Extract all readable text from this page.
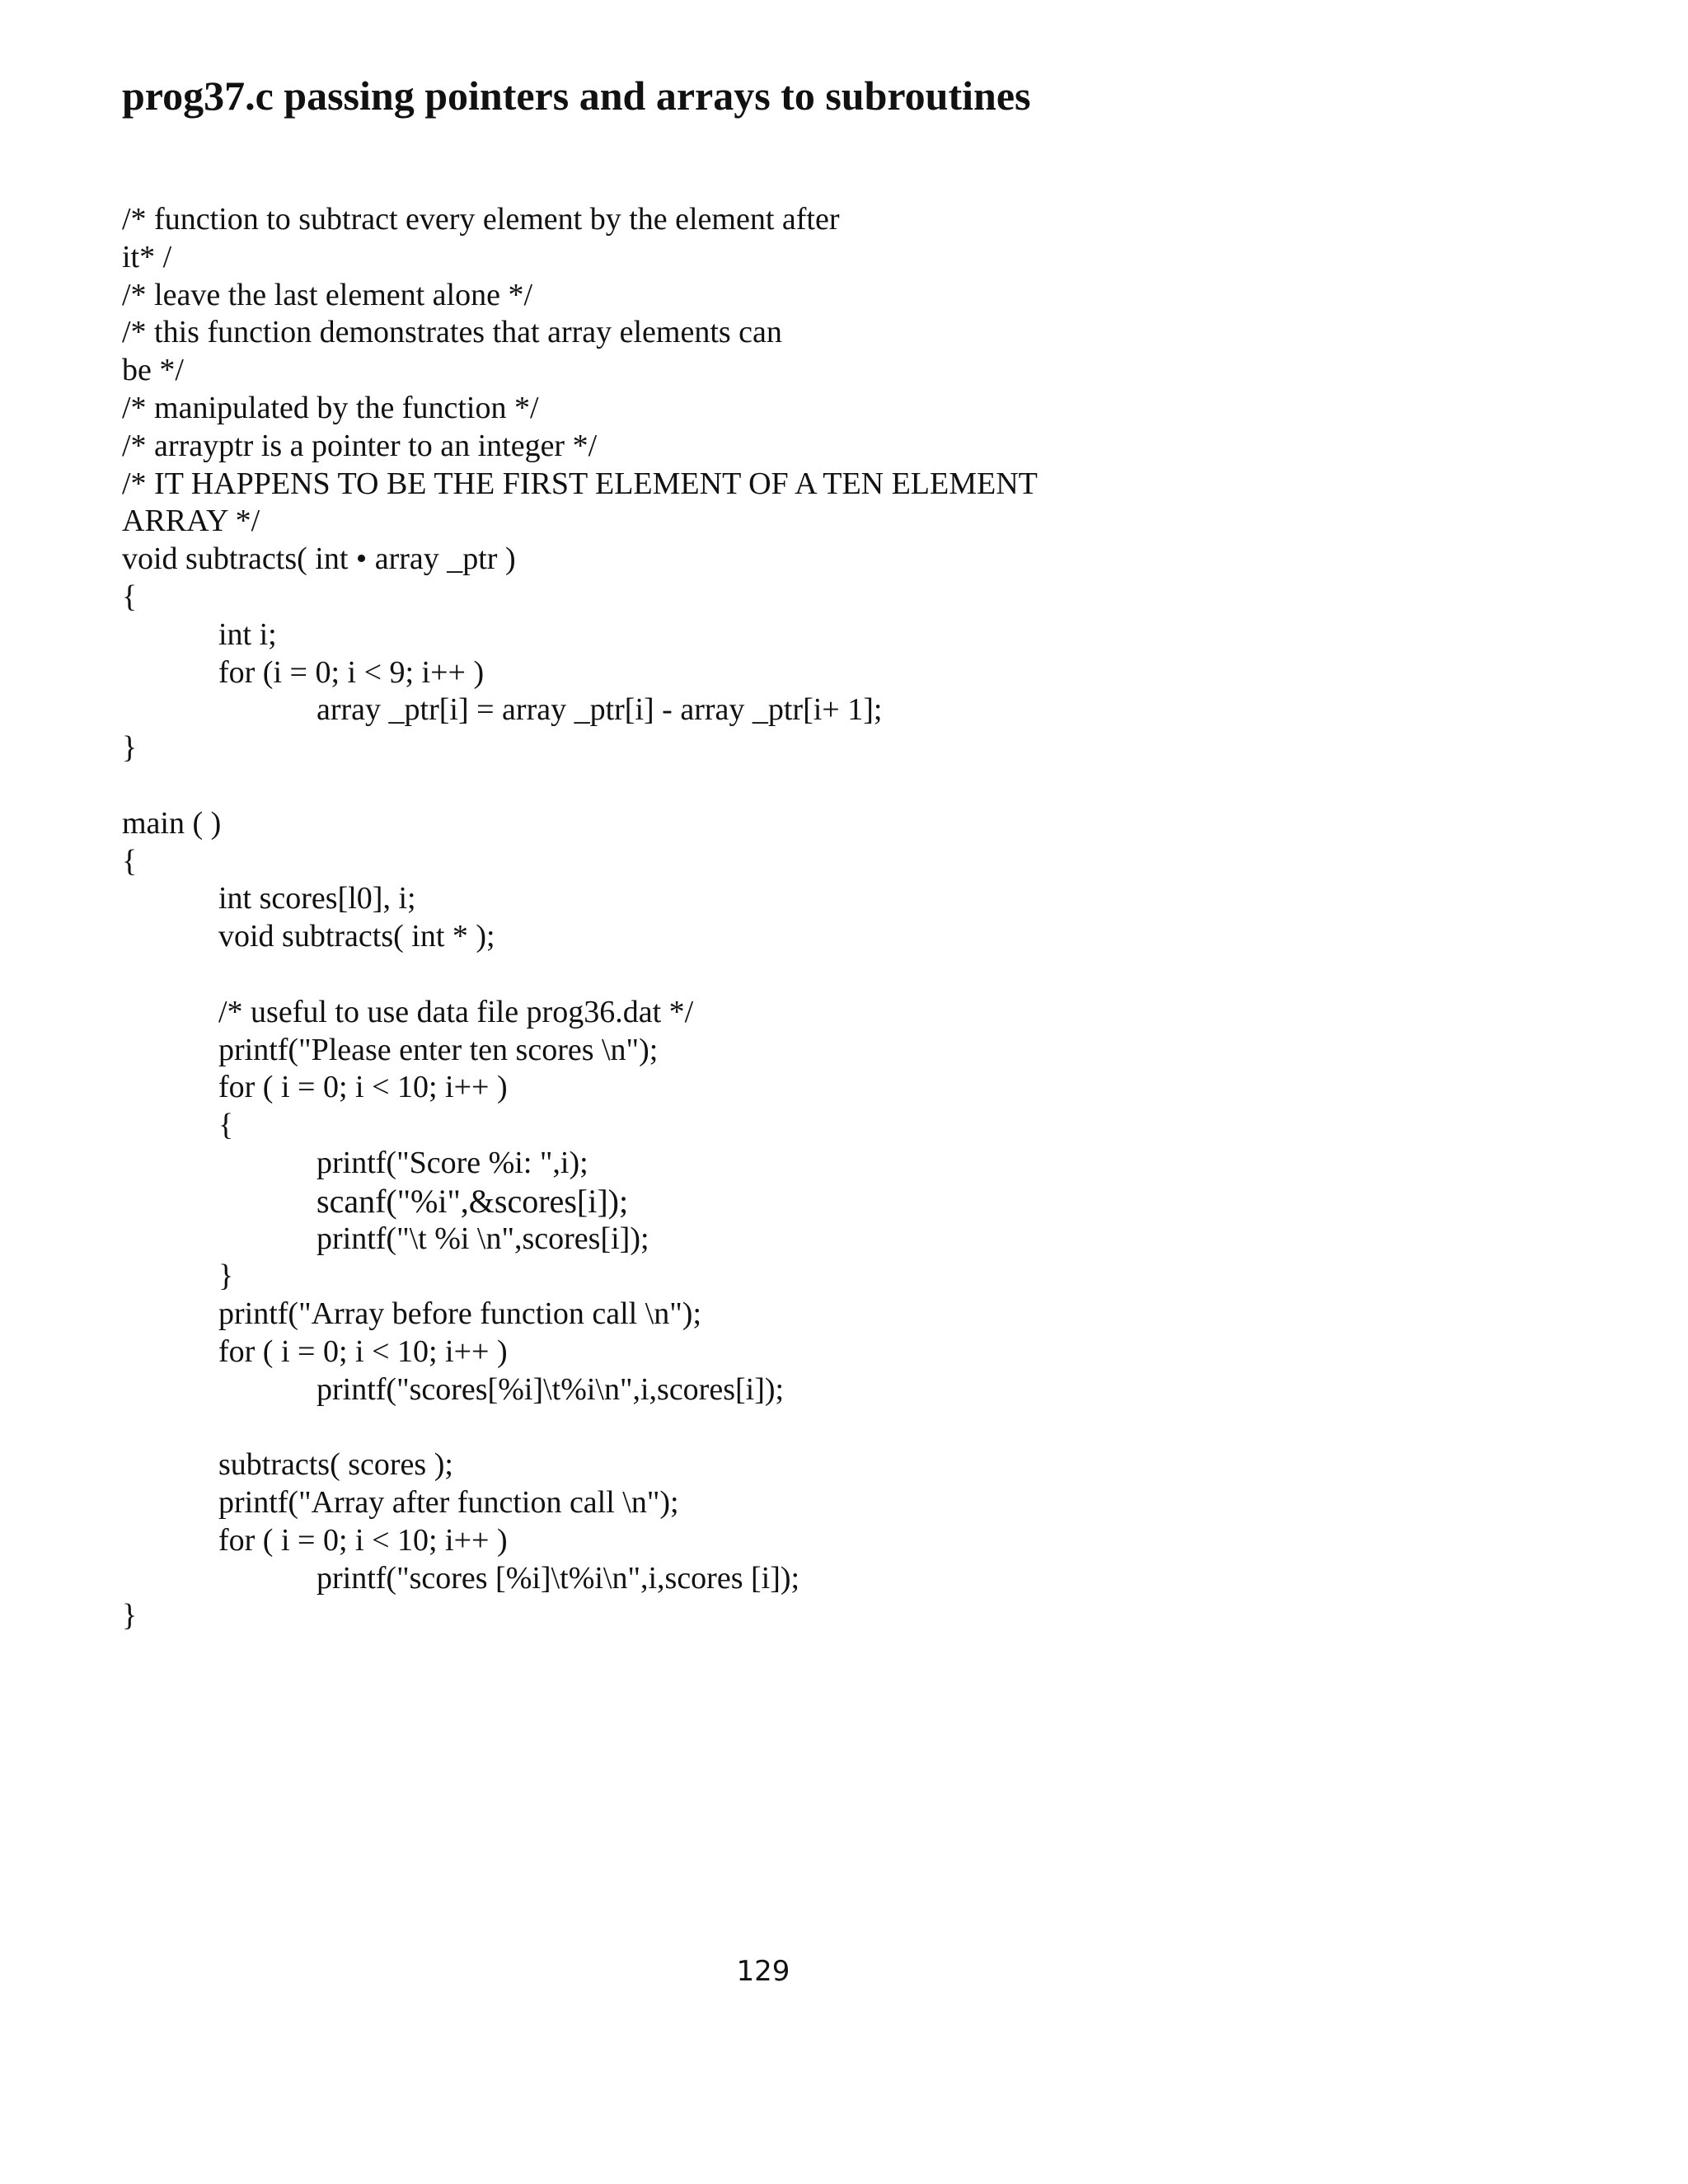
prog37.c passing pointers and arrays to subroutines
/* function to subtract every element by the element after
it* /
/* leave the last element alone */
/* this function demonstrates that array elements can
be */
/* manipulated by the function */
/* arrayptr is a pointer to an integer */
/* IT HAPPENS TO BE THE FIRST ELEMENT OF A TEN ELEMENT
ARRAY */
void subtracts( int • array _ptr )
{
int i;
for (i = 0; i < 9; i++ )
array _ptr[i] = array _ptr[i] - array _ptr[i+ 1];
}
main ( )
{
int scores[l0], i;
void subtracts( int * );
/* useful to use data file prog36.dat */
printf("Please enter ten scores \n");
for ( i = 0; i < 10; i++ )
{
printf("Score %i: ",i);
scanf("%i",&scores[i]);
printf("\t %i \n",scores[i]);
}
printf("Array before function call \n");
for ( i = 0; i < 10; i++ )
printf("scores[%i]\t%i\n",i,scores[i]);
subtracts( scores );
printf("Array after function call \n");
for ( i = 0; i < 10; i++ )
printf("scores [%i]\t%i\n",i,scores [i]);
}
129
